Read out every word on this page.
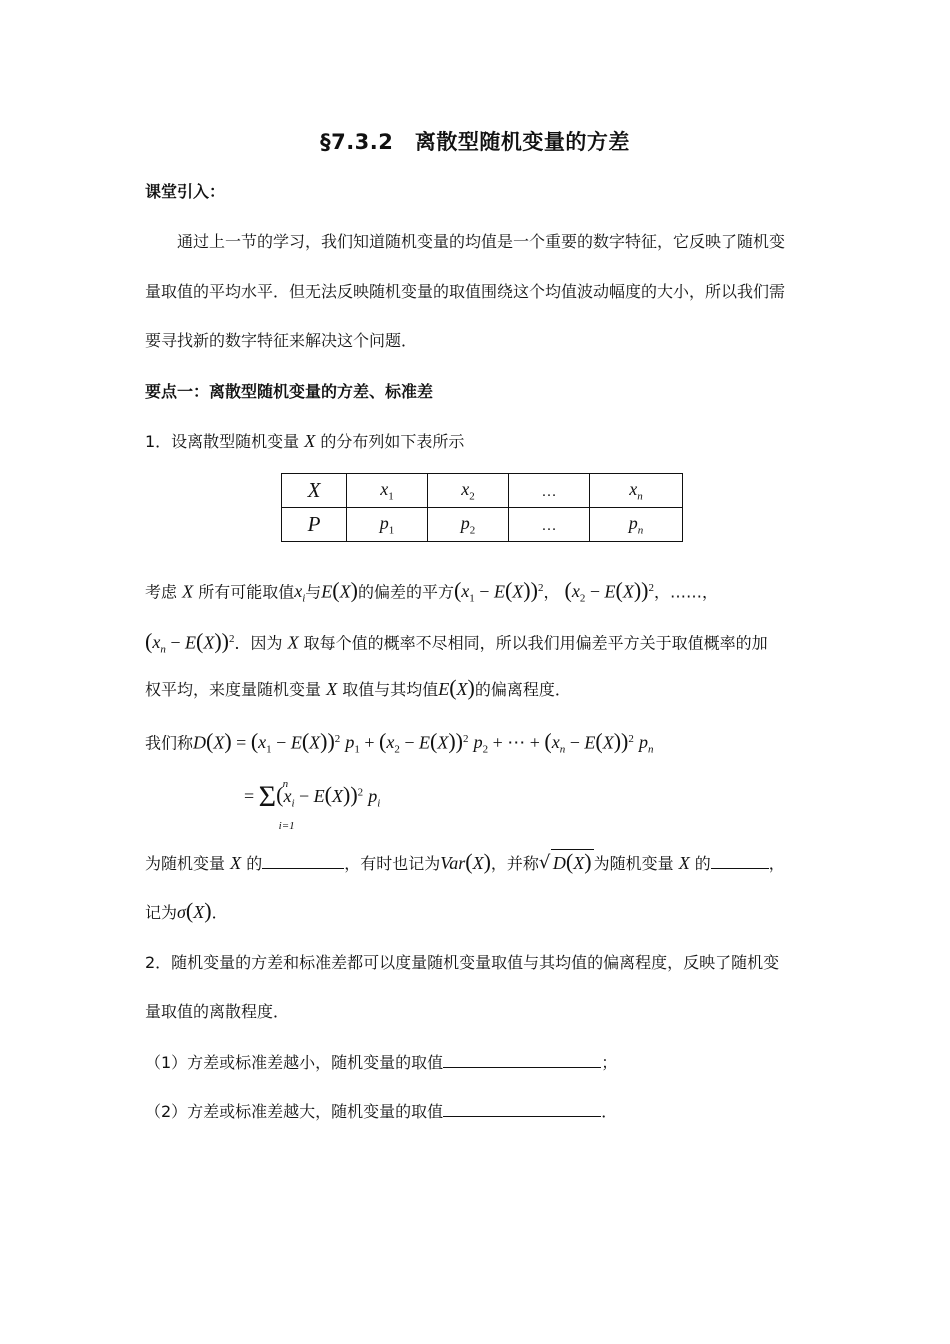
§7.3.2　离散型随机变量的方差
课堂引入：
通过上一节的学习，我们知道随机变量的均值是一个重要的数字特征，它反映了随机变
量取值的平均水平．但无法反映随机变量的取值围绕这个均值波动幅度的大小，所以我们需
要寻找新的数字特征来解决这个问题．
要点一：离散型随机变量的方差、标准差
1．设离散型随机变量 X 的分布列如下表所示
X	$x_1$	$x_2$	…	$x_n$
P	$p_1$	$p_2$	…	$p_n$
考虑 X 所有可能取值$x_i$与E(X)的偏差的平方$(x_1 - E(X))^2$， $(x_2 - E(X))^2$，……，
$(x_n - E(X))^2$．因为 X 取每个值的概率不尽相同，所以我们用偏差平方关于取值概率的加
权平均，来度量随机变量 X 取值与其均值E(X)的偏离程度．
我们称$D(X) = (x_1 - E(X))^2$ $p_1 + (x_2 - E(X))^2$ $p_2$ + ⋯ + $(x_n - E(X))^2$ $p_n$
= Σ n
i=1
$(x_i - E(X))^2$ $p_i$
为随机变量 X 的	，有时也记为Var(X)，并称 √ D(X) 为随机变量 X 的	，
记为σ(X)．
2．随机变量的方差和标准差都可以度量随机变量取值与其均值的偏离程度，反映了随机变
量取值的离散程度．
（1）方差或标准差越小，随机变量的取值	；
（2）方差或标准差越大，随机变量的取值	．
